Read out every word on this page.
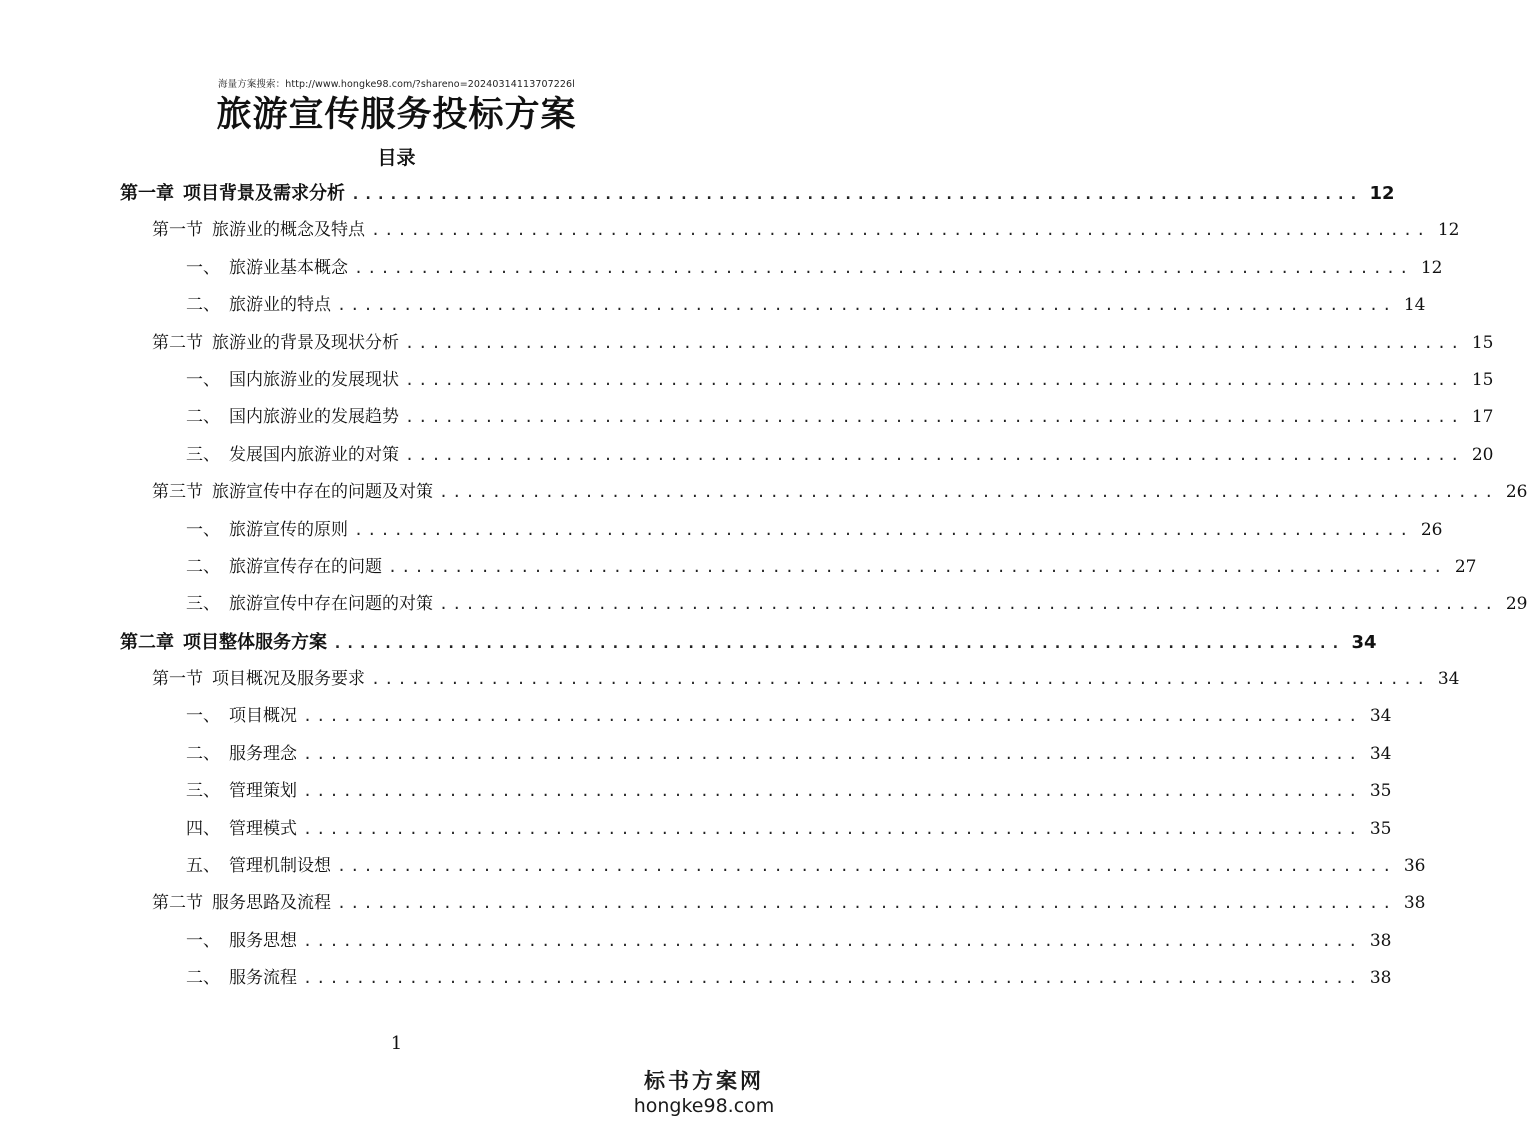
海量方案搜索：http://www.hongke98.com/?shareno=20240314113707226l
旅游宣传服务投标方案
目录
第一章 项目背景及需求分析 ................................................................................ 12
第一节 旅游业的概念及特点 ................................................................................ 12
一、 旅游业基本概念 ................................................................................ 12
二、 旅游业的特点 ................................................................................ 14
第二节 旅游业的背景及现状分析 ................................................................................ 15
一、 国内旅游业的发展现状 ................................................................................ 15
二、 国内旅游业的发展趋势 ................................................................................ 17
三、 发展国内旅游业的对策 ................................................................................ 20
第三节 旅游宣传中存在的问题及对策 ................................................................................ 26
一、 旅游宣传的原则 ................................................................................ 26
二、 旅游宣传存在的问题 ................................................................................ 27
三、 旅游宣传中存在问题的对策 ................................................................................ 29
第二章 项目整体服务方案 ................................................................................ 34
第一节 项目概况及服务要求 ................................................................................ 34
一、 项目概况 ................................................................................ 34
二、 服务理念 ................................................................................ 34
三、 管理策划 ................................................................................ 35
四、 管理模式 ................................................................................ 35
五、 管理机制设想 ................................................................................ 36
第二节 服务思路及流程 ................................................................................ 38
一、 服务思想 ................................................................................ 38
二、 服务流程 ................................................................................ 38
1
标书方案网
hongke98.com
